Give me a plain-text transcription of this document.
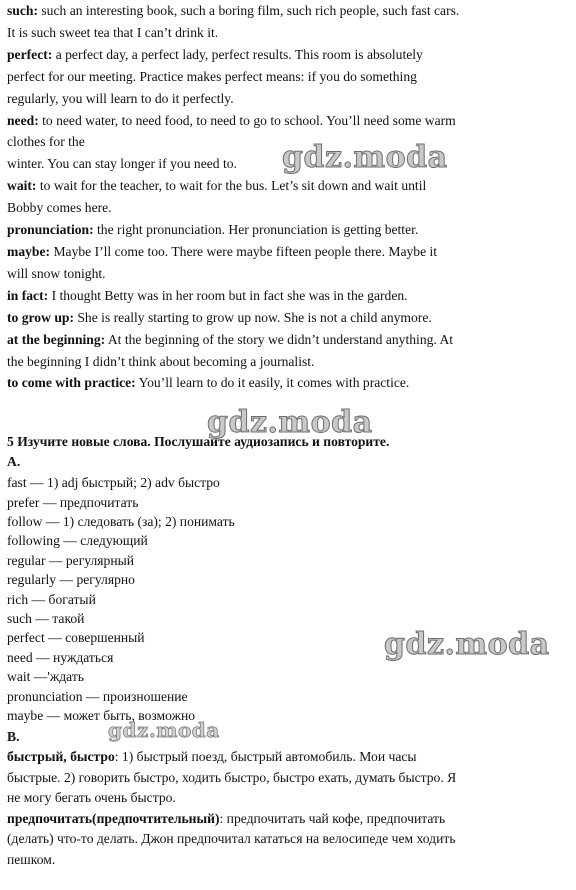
such: such an interesting book, such a boring film, such rich people, such fast cars.
It is such sweet tea that I can’t drink it.
perfect: a perfect day, a perfect lady, perfect results. This room is absolutely
perfect for our meeting. Practice makes perfect means: if you do something
regularly, you will learn to do it perfectly.
need: to need water, to need food, to need to go to school. You’ll need some warm
clothes for the
winter. You can stay longer if you need to.
wait: to wait for the teacher, to wait for the bus. Let’s sit down and wait until
Bobby comes here.
pronunciation: the right pronunciation. Her pronunciation is getting better.
maybe: Maybe I’ll come too. There were maybe fifteen people there. Maybe it
will snow tonight.
in fact: I thought Betty was in her room but in fact she was in the garden.
to grow up: She is really starting to grow up now. She is not a child anymore.
at the beginning: At the beginning of the story we didn’t understand anything. At
the beginning I didn’t think about becoming a journalist.
to come with practice: You’ll learn to do it easily, it comes with practice.
5 Изучите новые слова. Послушайте аудиозапись и повторите.
A.
fast — 1) adj быстрый; 2) adv быстро
prefer — предпочитать
follow — 1) следовать (за); 2) понимать
following — следующий
regular — регулярный
regularly — регулярно
rich — богатый
such — такой
perfect — совершенный
need — нуждаться
wait —'ждать
pronunciation — произношение
maybe — может быть, возможно
B.
быстрый, быстро: 1) быстрый поезд, быстрый автомобиль. Мои часы
быстрые. 2) говорить быстро, ходить быстро, быстро ехать, думать быстро. Я
не могу бегать очень быстро.
предпочитать(предпочтительный): предпочитать чай кофе, предпочитать
(делать) что-то делать. Джон предпочитал кататься на велосипеде чем ходить
пешком.
gdz.moda
gdz.moda
gdz.moda
gdz.moda
